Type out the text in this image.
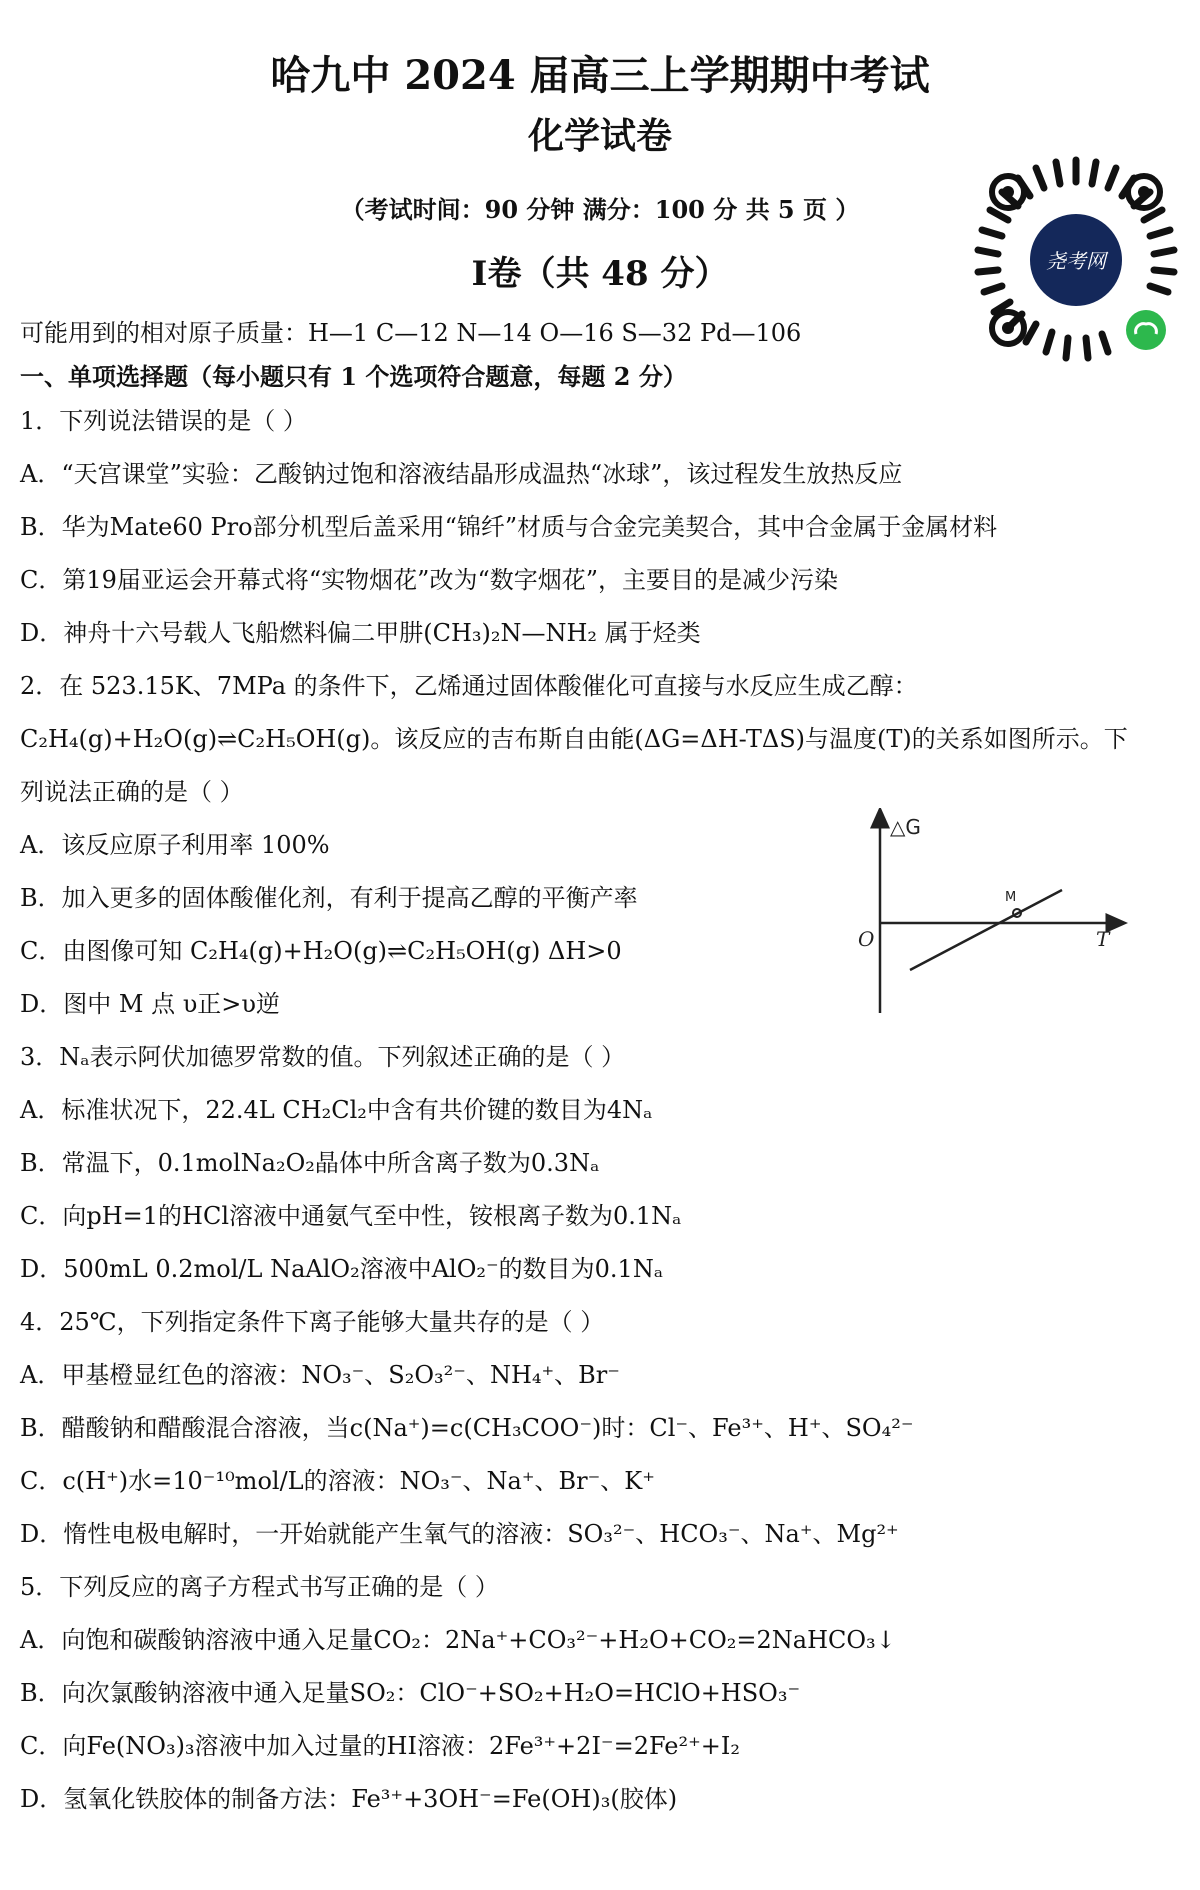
哈九中 2024 届高三上学期期中考试
化学试卷
（考试时间：90 分钟 满分：100 分 共 5 页 ）
I卷（共 48 分）	尧考网
可能用到的相对原子质量：H—1 C—12 N—14 O—16 S—32 Pd—106
一、单项选择题（每小题只有 1 个选项符合题意，每题 2 分）
1．下列说法错误的是（ ）
A．“天宫课堂”实验：乙酸钠过饱和溶液结晶形成温热“冰球”，该过程发生放热反应
B．华为Mate60 Pro部分机型后盖采用“锦纤”材质与合金完美契合，其中合金属于金属材料
C．第19届亚运会开幕式将“实物烟花”改为“数字烟花”，主要目的是减少污染
D．神舟十六号载人飞船燃料偏二甲肼(CH₃)₂N—NH₂ 属于烃类
2．在 523.15K、7MPa 的条件下，乙烯通过固体酸催化可直接与水反应生成乙醇：
C₂H₄(g)+H₂O(g)⇌C₂H₅OH(g)。该反应的吉布斯自由能(ΔG=ΔH-TΔS)与温度(T)的关系如图所示。下
列说法正确的是（ ）
A．该反应原子利用率 100%
B．加入更多的固体酸催化剂，有利于提高乙醇的平衡产率
C．由图像可知 C₂H₄(g)+H₂O(g)⇌C₂H₅OH(g) ΔH>0
D．图中 M 点 υ正>υ逆
△G
T
O
M
3．Nₐ表示阿伏加德罗常数的值。下列叙述正确的是（ ）
A．标准状况下，22.4L CH₂Cl₂中含有共价键的数目为4Nₐ
B．常温下，0.1molNa₂O₂晶体中所含离子数为0.3Nₐ
C．向pH=1的HCl溶液中通氨气至中性，铵根离子数为0.1Nₐ
D．500mL 0.2mol/L NaAlO₂溶液中AlO₂⁻的数目为0.1Nₐ
4．25℃，下列指定条件下离子能够大量共存的是（ ）
A．甲基橙显红色的溶液：NO₃⁻、S₂O₃²⁻、NH₄⁺、Br⁻
B．醋酸钠和醋酸混合溶液，当c(Na⁺)=c(CH₃COO⁻)时：Cl⁻、Fe³⁺、H⁺、SO₄²⁻
C．c(H⁺)水=10⁻¹⁰mol/L的溶液：NO₃⁻、Na⁺、Br⁻、K⁺
D．惰性电极电解时，一开始就能产生氧气的溶液：SO₃²⁻、HCO₃⁻、Na⁺、Mg²⁺
5．下列反应的离子方程式书写正确的是（ ）
A．向饱和碳酸钠溶液中通入足量CO₂：2Na⁺+CO₃²⁻+H₂O+CO₂=2NaHCO₃↓
B．向次氯酸钠溶液中通入足量SO₂：ClO⁻+SO₂+H₂O=HClO+HSO₃⁻
C．向Fe(NO₃)₃溶液中加入过量的HI溶液：2Fe³⁺+2I⁻=2Fe²⁺+I₂
D．氢氧化铁胶体的制备方法：Fe³⁺+3OH⁻=Fe(OH)₃(胶体)
